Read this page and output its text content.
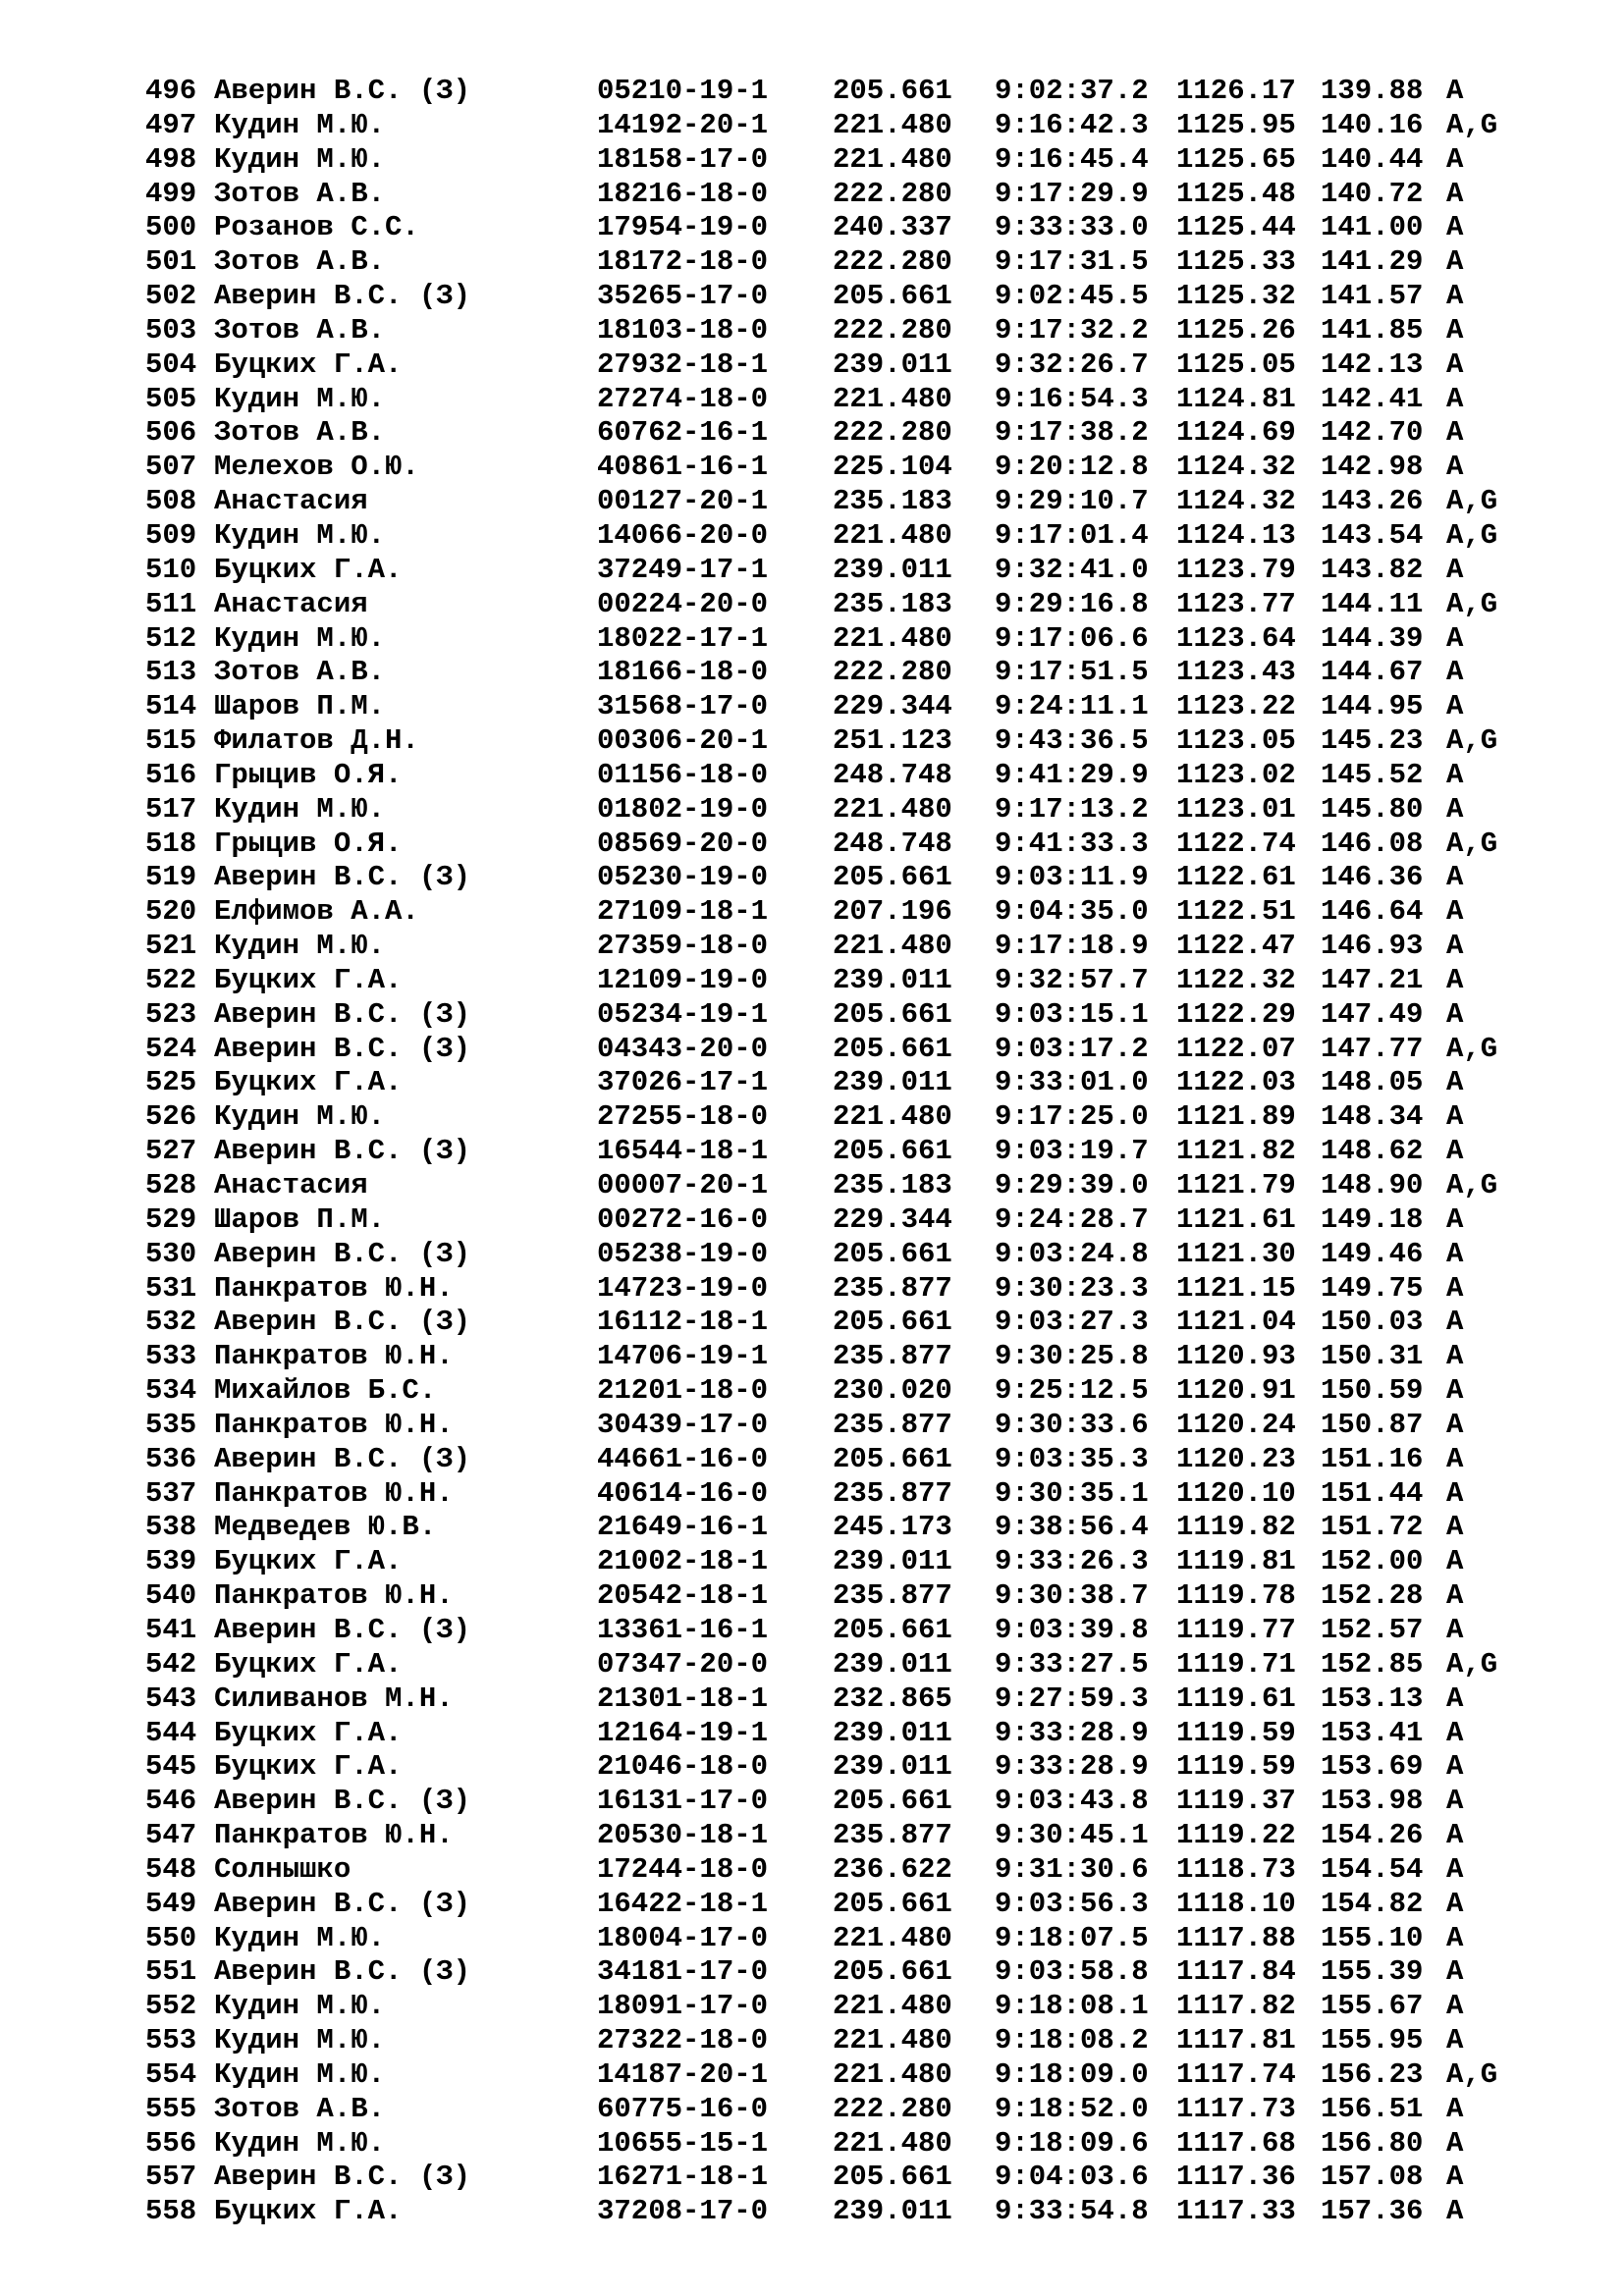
496 Аверин В.С. (З)	05210-19-1 205.661 9:02:37.2 1126.17 139.88 A
497 Кудин М.Ю.	14192-20-1 221.480 9:16:42.3 1125.95 140.16 A,G
498 Кудин М.Ю.	18158-17-0 221.480 9:16:45.4 1125.65 140.44 A
499 Зотов А.В.	18216-18-0 222.280 9:17:29.9 1125.48 140.72 A
500 Розанов С.С.	17954-19-0 240.337 9:33:33.0 1125.44 141.00 A
501 Зотов А.В.	18172-18-0 222.280 9:17:31.5 1125.33 141.29 A
502 Аверин В.С. (З)	35265-17-0 205.661 9:02:45.5 1125.32 141.57 A
503 Зотов А.В.	18103-18-0 222.280 9:17:32.2 1125.26 141.85 A
504 Буцких Г.А.	27932-18-1 239.011 9:32:26.7 1125.05 142.13 A
505 Кудин М.Ю.	27274-18-0 221.480 9:16:54.3 1124.81 142.41 A
506 Зотов А.В.	60762-16-1 222.280 9:17:38.2 1124.69 142.70 A
507 Мелехов О.Ю.	40861-16-1 225.104 9:20:12.8 1124.32 142.98 A
508 Анастасия	00127-20-1 235.183 9:29:10.7 1124.32 143.26 A,G
509 Кудин М.Ю.	14066-20-0 221.480 9:17:01.4 1124.13 143.54 A,G
510 Буцких Г.А.	37249-17-1 239.011 9:32:41.0 1123.79 143.82 A
511 Анастасия	00224-20-0 235.183 9:29:16.8 1123.77 144.11 A,G
512 Кудин М.Ю.	18022-17-1 221.480 9:17:06.6 1123.64 144.39 A
513 Зотов А.В.	18166-18-0 222.280 9:17:51.5 1123.43 144.67 A
514 Шаров П.М.	31568-17-0 229.344 9:24:11.1 1123.22 144.95 A
515 Филатов Д.Н.	00306-20-1 251.123 9:43:36.5 1123.05 145.23 A,G
516 Грыцив О.Я.	01156-18-0 248.748 9:41:29.9 1123.02 145.52 A
517 Кудин М.Ю.	01802-19-0 221.480 9:17:13.2 1123.01 145.80 A
518 Грыцив О.Я.	08569-20-0 248.748 9:41:33.3 1122.74 146.08 A,G
519 Аверин В.С. (З)	05230-19-0 205.661 9:03:11.9 1122.61 146.36 A
520 Елфимов А.А.	27109-18-1 207.196 9:04:35.0 1122.51 146.64 A
521 Кудин М.Ю.	27359-18-0 221.480 9:17:18.9 1122.47 146.93 A
522 Буцких Г.А.	12109-19-0 239.011 9:32:57.7 1122.32 147.21 A
523 Аверин В.С. (З)	05234-19-1 205.661 9:03:15.1 1122.29 147.49 A
524 Аверин В.С. (З)	04343-20-0 205.661 9:03:17.2 1122.07 147.77 A,G
525 Буцких Г.А.	37026-17-1 239.011 9:33:01.0 1122.03 148.05 A
526 Кудин М.Ю.	27255-18-0 221.480 9:17:25.0 1121.89 148.34 A
527 Аверин В.С. (З)	16544-18-1 205.661 9:03:19.7 1121.82 148.62 A
528 Анастасия	00007-20-1 235.183 9:29:39.0 1121.79 148.90 A,G
529 Шаров П.М.	00272-16-0 229.344 9:24:28.7 1121.61 149.18 A
530 Аверин В.С. (З)	05238-19-0 205.661 9:03:24.8 1121.30 149.46 A
531 Панкратов Ю.Н.	14723-19-0 235.877 9:30:23.3 1121.15 149.75 A
532 Аверин В.С. (З)	16112-18-1 205.661 9:03:27.3 1121.04 150.03 A
533 Панкратов Ю.Н.	14706-19-1 235.877 9:30:25.8 1120.93 150.31 A
534 Михайлов Б.С.	21201-18-0 230.020 9:25:12.5 1120.91 150.59 A
535 Панкратов Ю.Н.	30439-17-0 235.877 9:30:33.6 1120.24 150.87 A
536 Аверин В.С. (З)	44661-16-0 205.661 9:03:35.3 1120.23 151.16 A
537 Панкратов Ю.Н.	40614-16-0 235.877 9:30:35.1 1120.10 151.44 A
538 Медведев Ю.В.	21649-16-1 245.173 9:38:56.4 1119.82 151.72 A
539 Буцких Г.А.	21002-18-1 239.011 9:33:26.3 1119.81 152.00 A
540 Панкратов Ю.Н.	20542-18-1 235.877 9:30:38.7 1119.78 152.28 A
541 Аверин В.С. (З)	13361-16-1 205.661 9:03:39.8 1119.77 152.57 A
542 Буцких Г.А.	07347-20-0 239.011 9:33:27.5 1119.71 152.85 A,G
543 Силиванов М.Н.	21301-18-1 232.865 9:27:59.3 1119.61 153.13 A
544 Буцких Г.А.	12164-19-1 239.011 9:33:28.9 1119.59 153.41 A
545 Буцких Г.А.	21046-18-0 239.011 9:33:28.9 1119.59 153.69 A
546 Аверин В.С. (З)	16131-17-0 205.661 9:03:43.8 1119.37 153.98 A
547 Панкратов Ю.Н.	20530-18-1 235.877 9:30:45.1 1119.22 154.26 A
548 Солнышко	17244-18-0 236.622 9:31:30.6 1118.73 154.54 A
549 Аверин В.С. (З)	16422-18-1 205.661 9:03:56.3 1118.10 154.82 A
550 Кудин М.Ю.	18004-17-0 221.480 9:18:07.5 1117.88 155.10 A
551 Аверин В.С. (З)	34181-17-0 205.661 9:03:58.8 1117.84 155.39 A
552 Кудин М.Ю.	18091-17-0 221.480 9:18:08.1 1117.82 155.67 A
553 Кудин М.Ю.	27322-18-0 221.480 9:18:08.2 1117.81 155.95 A
554 Кудин М.Ю.	14187-20-1 221.480 9:18:09.0 1117.74 156.23 A,G
555 Зотов А.В.	60775-16-0 222.280 9:18:52.0 1117.73 156.51 A
556 Кудин М.Ю.	10655-15-1 221.480 9:18:09.6 1117.68 156.80 A
557 Аверин В.С. (З)	16271-18-1 205.661 9:04:03.6 1117.36 157.08 A
558 Буцких Г.А.	37208-17-0 239.011 9:33:54.8 1117.33 157.36 A
